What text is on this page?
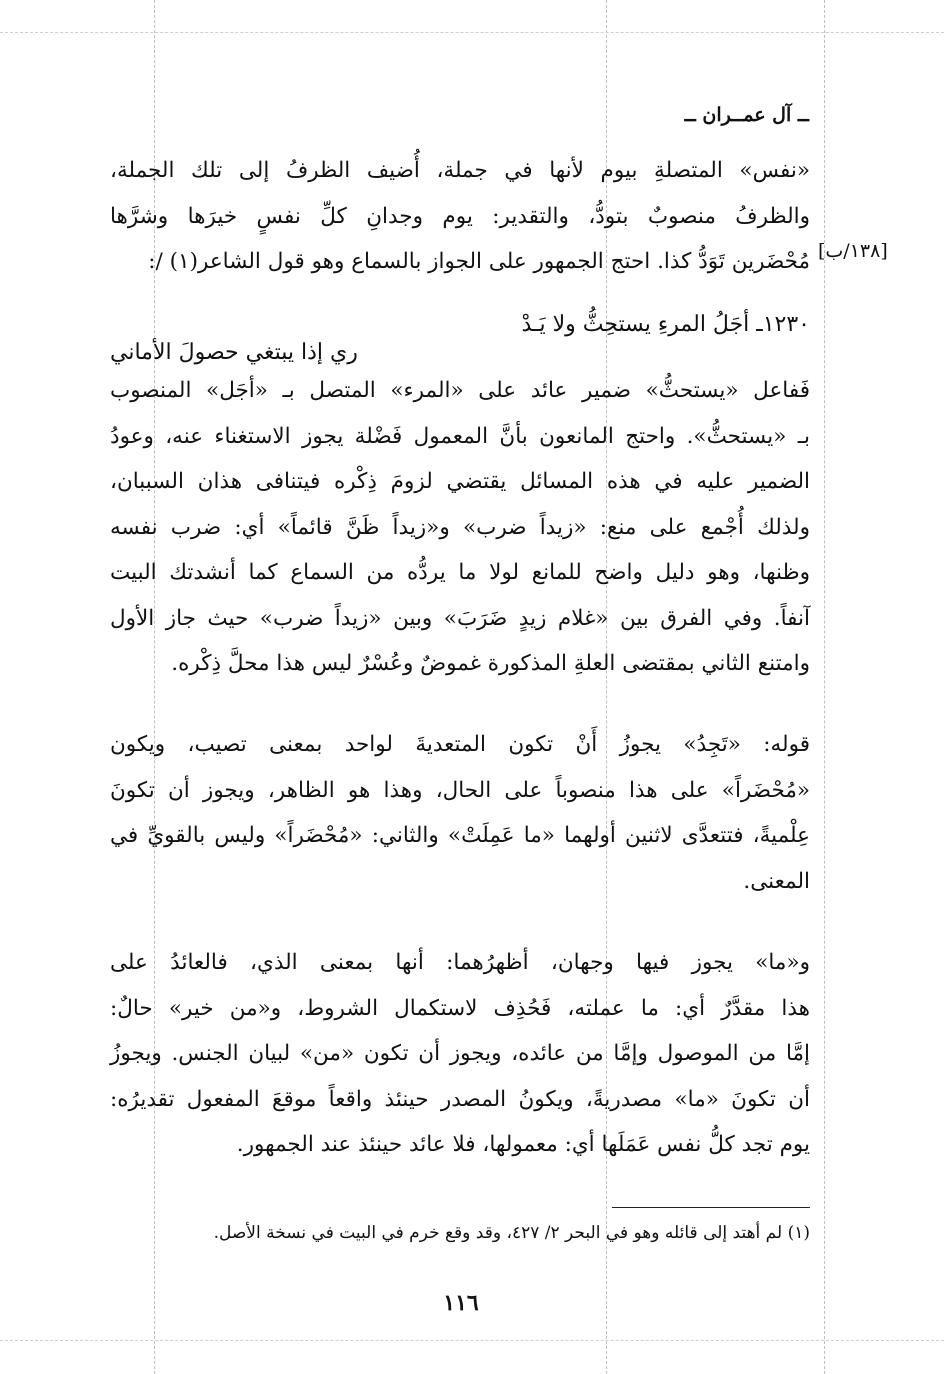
ــ آل عمــران ــ
«نفس» المتصلةِ بيوم لأنها في جملة، أُضيف الظرفُ إلى تلك الجملة،
والظرفُ منصوبٌ بتودُّ، والتقدير: يوم وجدانِ كلِّ نفسٍ خيرَها وشرَّها
مُحْضَرين تَوَدُّ كذا. احتج الجمهور على الجواز بالسماع وهو قول الشاعر(١) /: [١٣٨/ب]
١٢٣٠ـ أجَلُ المرءِ يستحِثُّ ولا يَـدْ
ري إذا يبتغي حصولَ الأماني
فَفاعل «يستحثُّ» ضمير عائد على «المرء» المتصل بـ «أجَل» المنصوب
بـ «يستحثُّ». واحتج المانعون بأنَّ المعمول فَضْلة يجوز الاستغناء عنه، وعودُ
الضمير عليه في هذه المسائل يقتضي لزومَ ذِكْره فيتنافى هذان السببان،
ولذلك أُجْمع على منع: «زيداً ضرب» و«زيداً ظَنَّ قائماً» أي: ضرب نفسه
وظنها، وهو دليل واضح للمانع لولا ما يردُّه من السماع كما أنشدتك البيت
آنفاً. وفي الفرق بين «غلام زيدٍ ضَرَبَ» وبين «زيداً ضرب» حيث جاز الأول
وامتنع الثاني بمقتضى العلةِ المذكورة غموضٌ وعُسْرٌ ليس هذا محلَّ ذِكْره.
قوله: «تَجِدُ» يجوزُ أَنْ تكون المتعديةَ لواحد بمعنى تصيب، ويكون
«مُحْضَراً» على هذا منصوباً على الحال، وهذا هو الظاهر، ويجوز أن تكونَ
عِلْميةً، فتتعدَّى لاثنين أولهما «ما عَمِلَتْ» والثاني: «مُحْضَراً» وليس بالقويِّ في
المعنى.
و«ما» يجوز فيها وجهان، أظهرُهما: أنها بمعنى الذي، فالعائدُ على
هذا مقدَّرٌ أي: ما عملته، فَحُذِف لاستكمال الشروط، و«من خير» حالٌ:
إمَّا من الموصول وإمَّا من عائده، ويجوز أن تكون «من» لبيان الجنس. ويجوزُ
أن تكونَ «ما» مصدريةً، ويكونُ المصدر حينئذ واقعاً موقعَ المفعول تقديرُه:
يوم تجد كلُّ نفس عَمَلَها أي: معمولها، فلا عائد حينئذ عند الجمهور.
(١) لم أهتد إلى قائله وهو في البحر ٢/ ٤٢٧، وقد وقع خرم في البيت في نسخة الأصل.
١١٦
